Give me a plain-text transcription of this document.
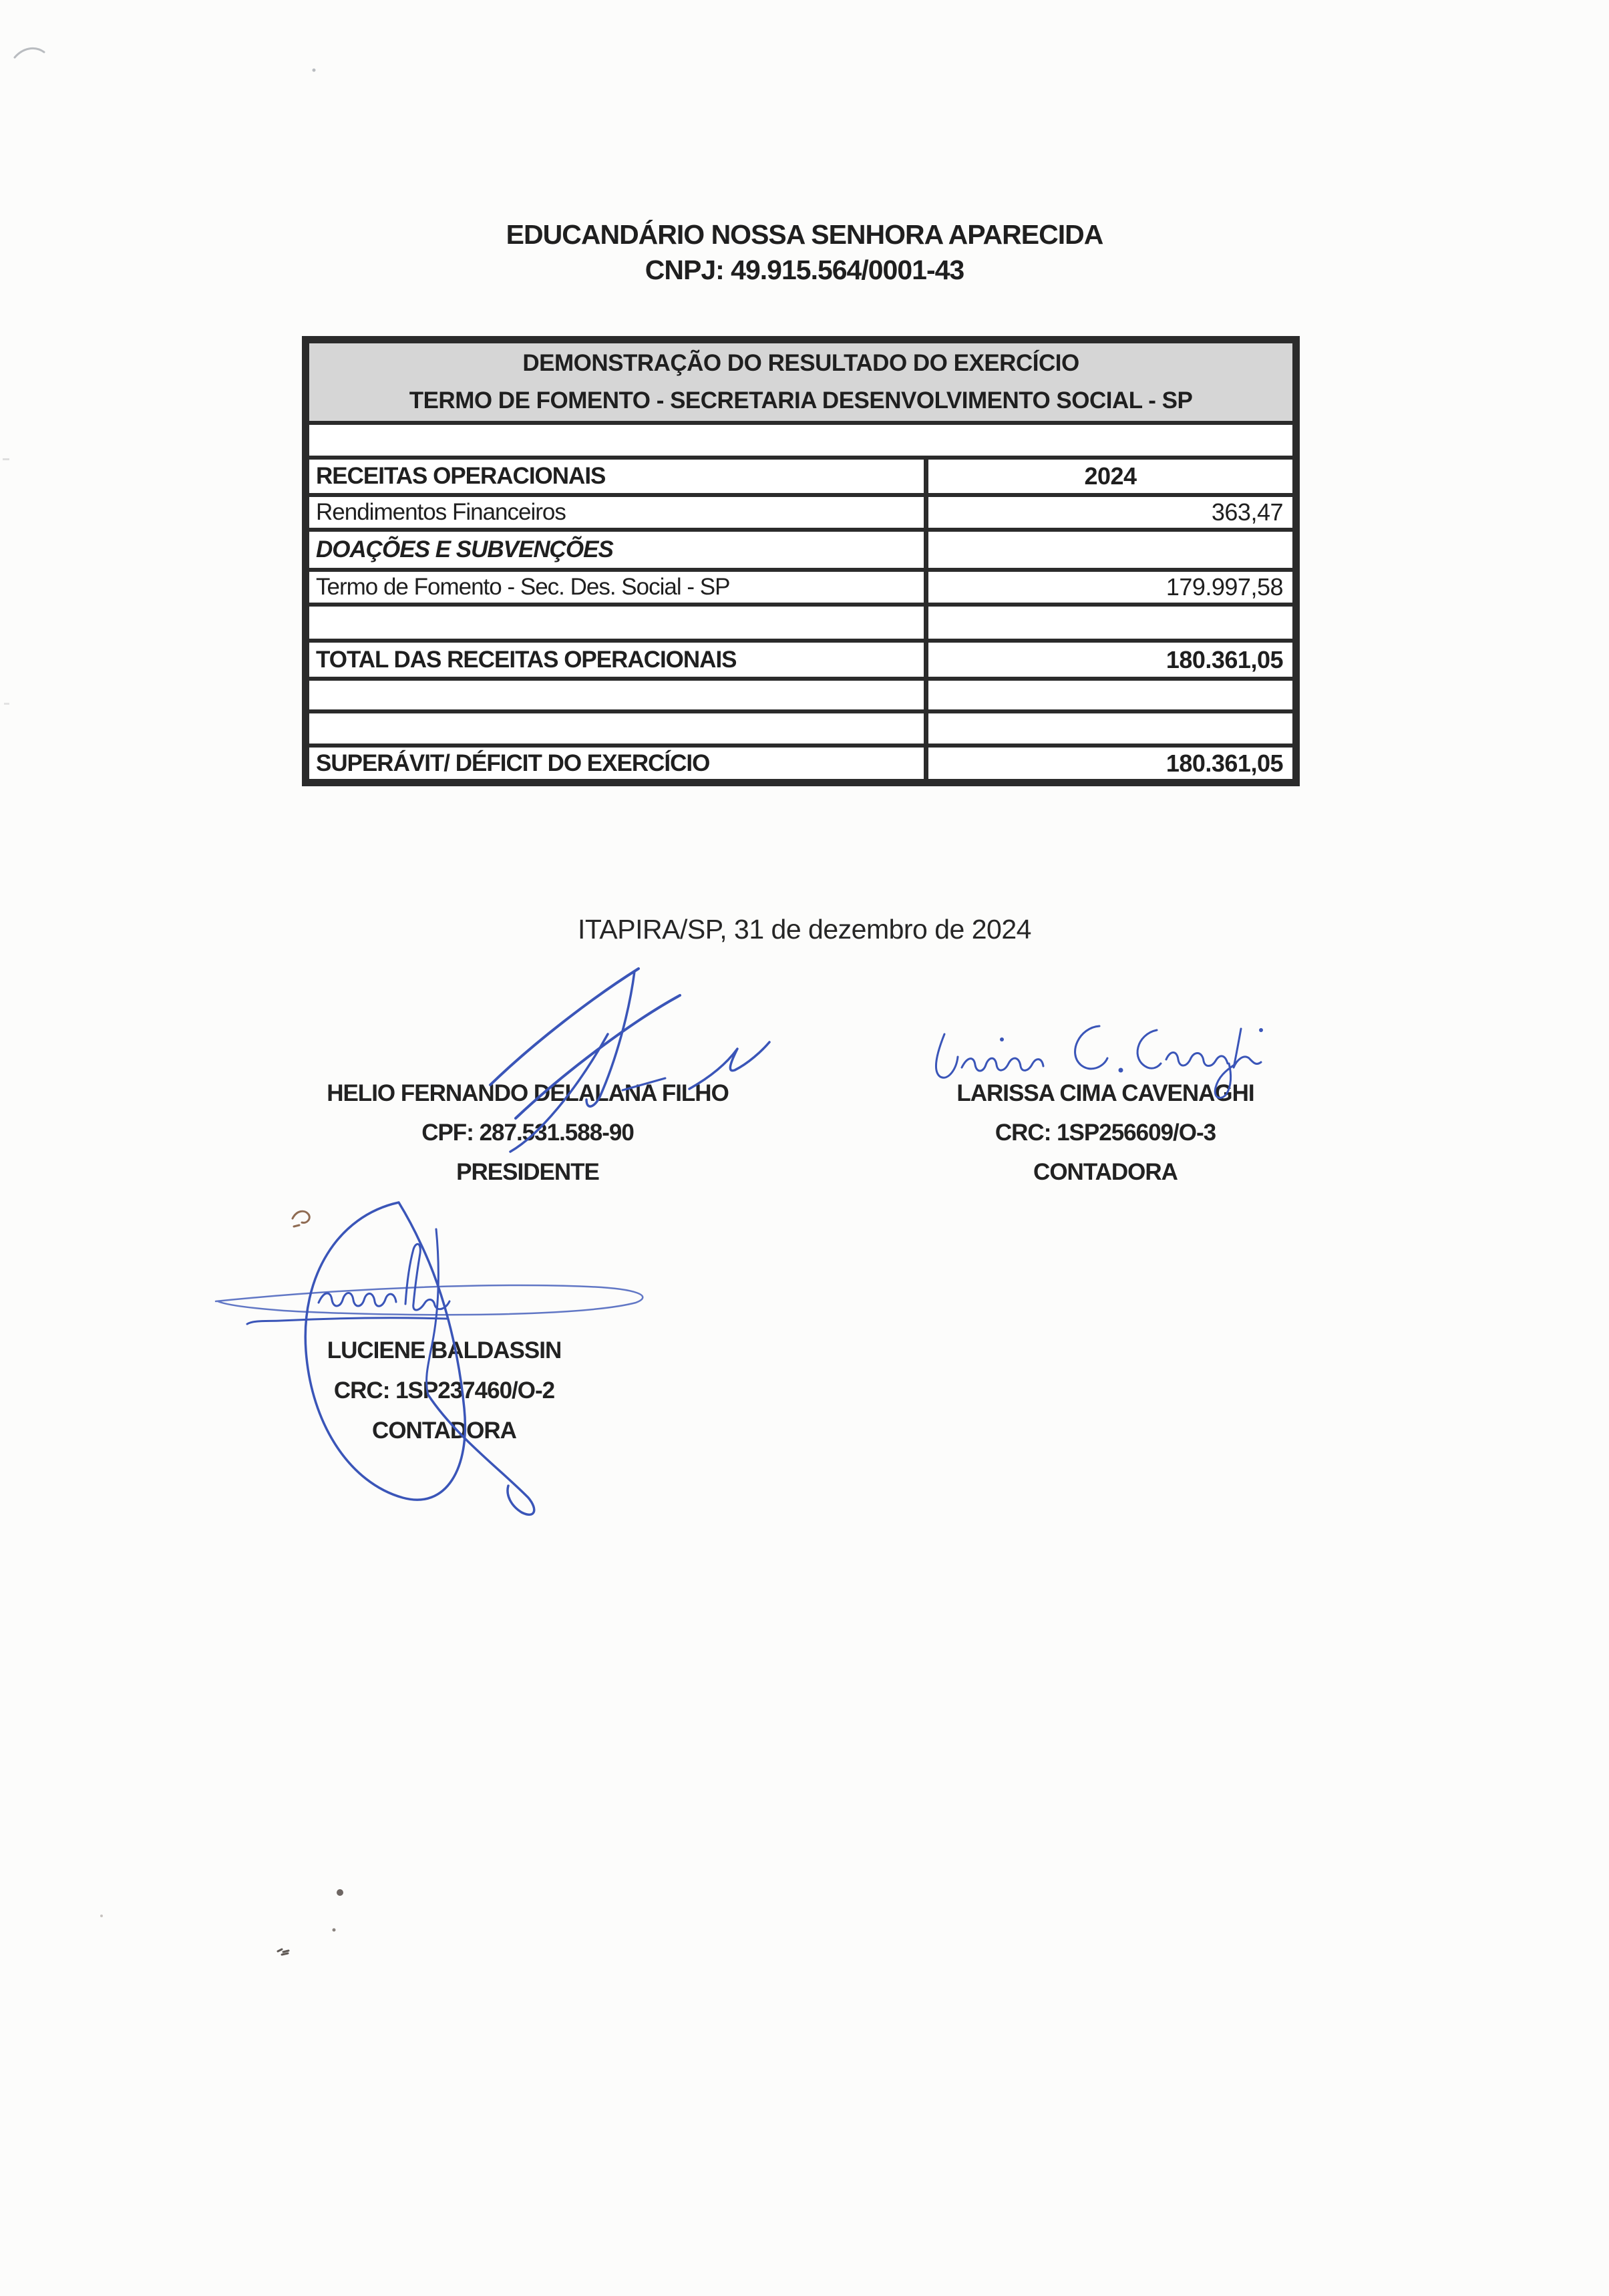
EDUCANDÁRIO NOSSA SENHORA APARECIDA
CNPJ: 49.915.564/0001-43
DEMONSTRAÇÃO DO RESULTADO DO EXERCÍCIO
TERMO DE FOMENTO - SECRETARIA DESENVOLVIMENTO SOCIAL - SP
RECEITAS OPERACIONAIS	2024
Rendimentos Financeiros	363,47
DOAÇÕES E SUBVENÇÕES
Termo de Fomento - Sec. Des. Social - SP	179.997,58
TOTAL DAS RECEITAS OPERACIONAIS	180.361,05
SUPERÁVIT/ DÉFICIT DO EXERCÍCIO	180.361,05
ITAPIRA/SP, 31 de dezembro de 2024
HELIO FERNANDO DELALANA FILHO
CPF: 287.531.588-90
PRESIDENTE
LARISSA CIMA CAVENAGHI
CRC: 1SP256609/O-3
CONTADORA
LUCIENE BALDASSIN
CRC: 1SP237460/O-2
CONTADORA
